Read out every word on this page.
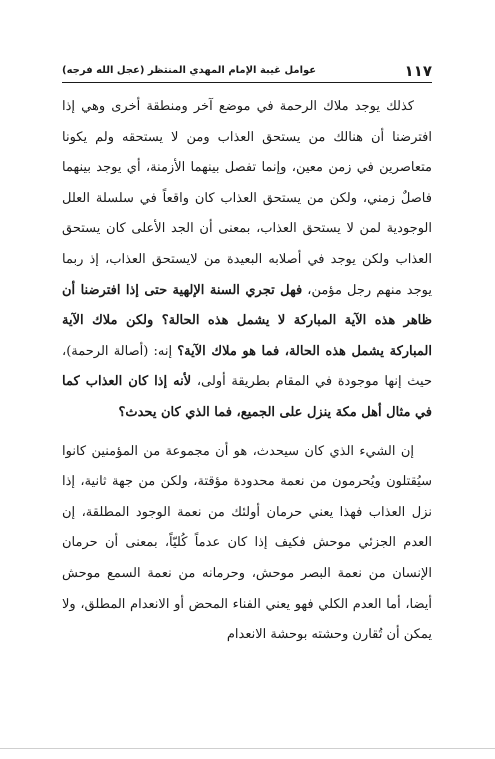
١١٧
عوامل غيبة الإمام المهدي المنتظر (عجل الله فرجه)

كذلك يوجد ملاك الرحمة في موضع آخر ومنطقة أخرى وهي إذا افترضنا أن هنالك من يستحق العذاب ومن لا يستحقه ولم يكونا متعاصرين في زمن معين، وإنما تفصل بينهما الأزمنة، أي يوجد بينهما فاصلٌ زمني، ولكن من يستحق العذاب كان واقعاً في سلسلة العلل الوجودية لمن لا يستحق العذاب، بمعنى أن الجد الأعلى كان يستحق العذاب ولكن يوجد في أصلابه البعيدة من لايستحق العذاب، إذ ربما يوجد منهم رجل مؤمن، فهل تجري السنة الإلهية حتى إذا افترضنا أن ظاهر هذه الآية المباركة لا يشمل هذه الحالة؟ ولكن ملاك الآية المباركة يشمل هذه الحالة، فما هو ملاك الآية؟ إنه: (أصالة الرحمة)، حيث إنها موجودة في المقام بطريقة أولى، لأنه إذا كان العذاب كما في مثال أهل مكة ينزل على الجميع، فما الذي كان يحدث؟

إن الشيء الذي كان سيحدث، هو أن مجموعة من المؤمنين كانوا سيُقتلون ويُحرمون من نعمة محدودة مؤقتة، ولكن من جهة ثانية، إذا نزل العذاب فهذا يعني حرمان أولئك من نعمة الوجود المطلقة، إن العدم الجزئي موحش فكيف إذا كان عدماً كُليّاً، بمعنى أن حرمان الإنسان من نعمة البصر موحش، وحرمانه من نعمة السمع موحش أيضا، أما العدم الكلي فهو يعني الفناء المحض أو الانعدام المطلق، ولا يمكن أن تُقارن وحشته بوحشة الانعدام
